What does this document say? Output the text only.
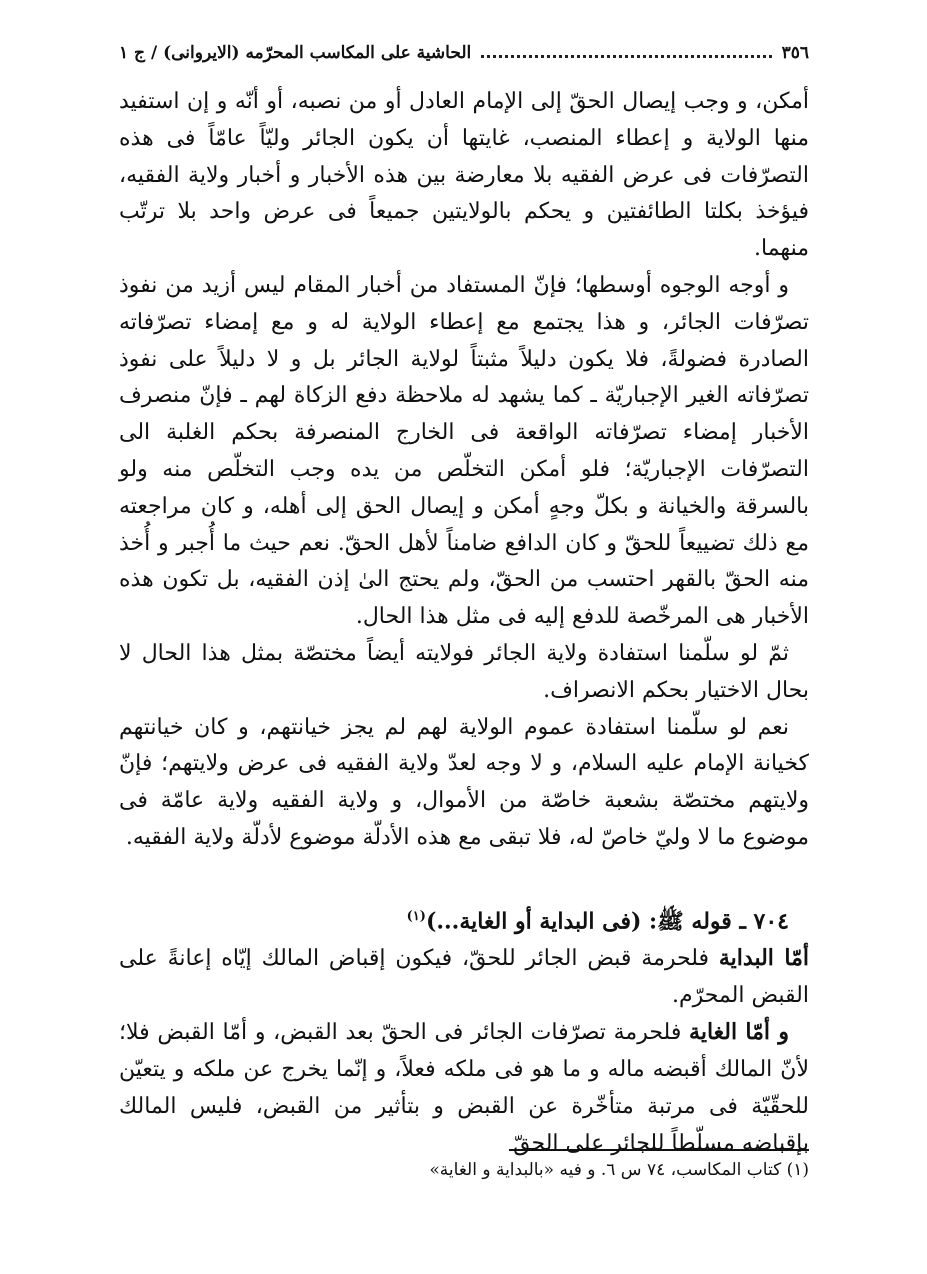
٣٥٦
الحاشية على المكاسب المحرّمه (الايروانى) / ج ١

أمكن، و وجب إيصال الحقّ إلى الإمام العادل أو من نصبه، أو أنّه و إن استفيد منها الولاية و إعطاء المنصب، غايتها أن يكون الجائر وليّاً عامّاً فى هذه التصرّفات فى عرض الفقيه بلا معارضة بين هذه الأخبار و أخبار ولاية الفقيه، فيؤخذ بكلتا الطائفتين و يحكم بالولايتين جميعاً فى عرض واحد بلا ترتّب منهما.

و أوجه الوجوه أوسطها؛ فإنّ المستفاد من أخبار المقام ليس أزيد من نفوذ تصرّفات الجائر، و هذا يجتمع مع إعطاء الولاية له و مع إمضاء تصرّفاته الصادرة فضولةً، فلا يكون دليلاً مثبتاً لولاية الجائر بل و لا دليلاً على نفوذ تصرّفاته الغير الإجباريّة ـ كما يشهد له ملاحظة دفع الزكاة لهم ـ فإنّ منصرف الأخبار إمضاء تصرّفاته الواقعة فى الخارج المنصرفة بحكم الغلبة الى التصرّفات الإجباريّة؛ فلو أمكن التخلّص من يده وجب التخلّص منه ولو بالسرقة والخيانة و بكلّ وجهٍ أمكن و إيصال الحق إلى أهله، و كان مراجعته مع ذلك تضييعاً للحقّ و كان الدافع ضامناً لأهل الحقّ. نعم حيث ما أُجبر و أُخذ منه الحقّ بالقهر احتسب من الحقّ، ولم يحتج الىٰ إذن الفقيه، بل تكون هذه الأخبار هى المرخّصة للدفع إليه فى مثل هذا الحال.

ثمّ لو سلّمنا استفادة ولاية الجائر فولايته أيضاً مختصّة بمثل هذا الحال لا بحال الاختيار بحكم الانصراف.

نعم لو سلّمنا استفادة عموم الولاية لهم لم يجز خيانتهم، و كان خيانتهم كخيانة الإمام عليه السلام، و لا وجه لعدّ ولاية الفقيه فى عرض ولايتهم؛ فإنّ ولايتهم مختصّة بشعبة خاصّة من الأموال، و ولاية الفقيه ولاية عامّة فى موضوع ما لا وليّ خاصّ له، فلا تبقى مع هذه الأدلّة موضوع لأدلّة ولاية الفقيه.

٧٠٤ ـ قوله ﷺ: (فى البداية أو الغاية...)$^{(١)}$

أمّا البداية فلحرمة قبض الجائر للحقّ، فيكون إقباض المالك إيّاه إعانةً على القبض المحرّم.

و أمّا الغاية فلحرمة تصرّفات الجائر فى الحقّ بعد القبض، و أمّا القبض فلا؛ لأنّ المالك أقبضه ماله و ما هو فى ملكه فعلاً، و إنّما يخرج عن ملكه و يتعيّن للحقّيّة فى مرتبة متأخّرة عن القبض و بتأثير من القبض، فليس المالك بإقباضه مسلّطاً للجائر على الحقّ

(١) كتاب المكاسب، ٧٤ س ٦. و فيه «بالبداية و الغاية»
